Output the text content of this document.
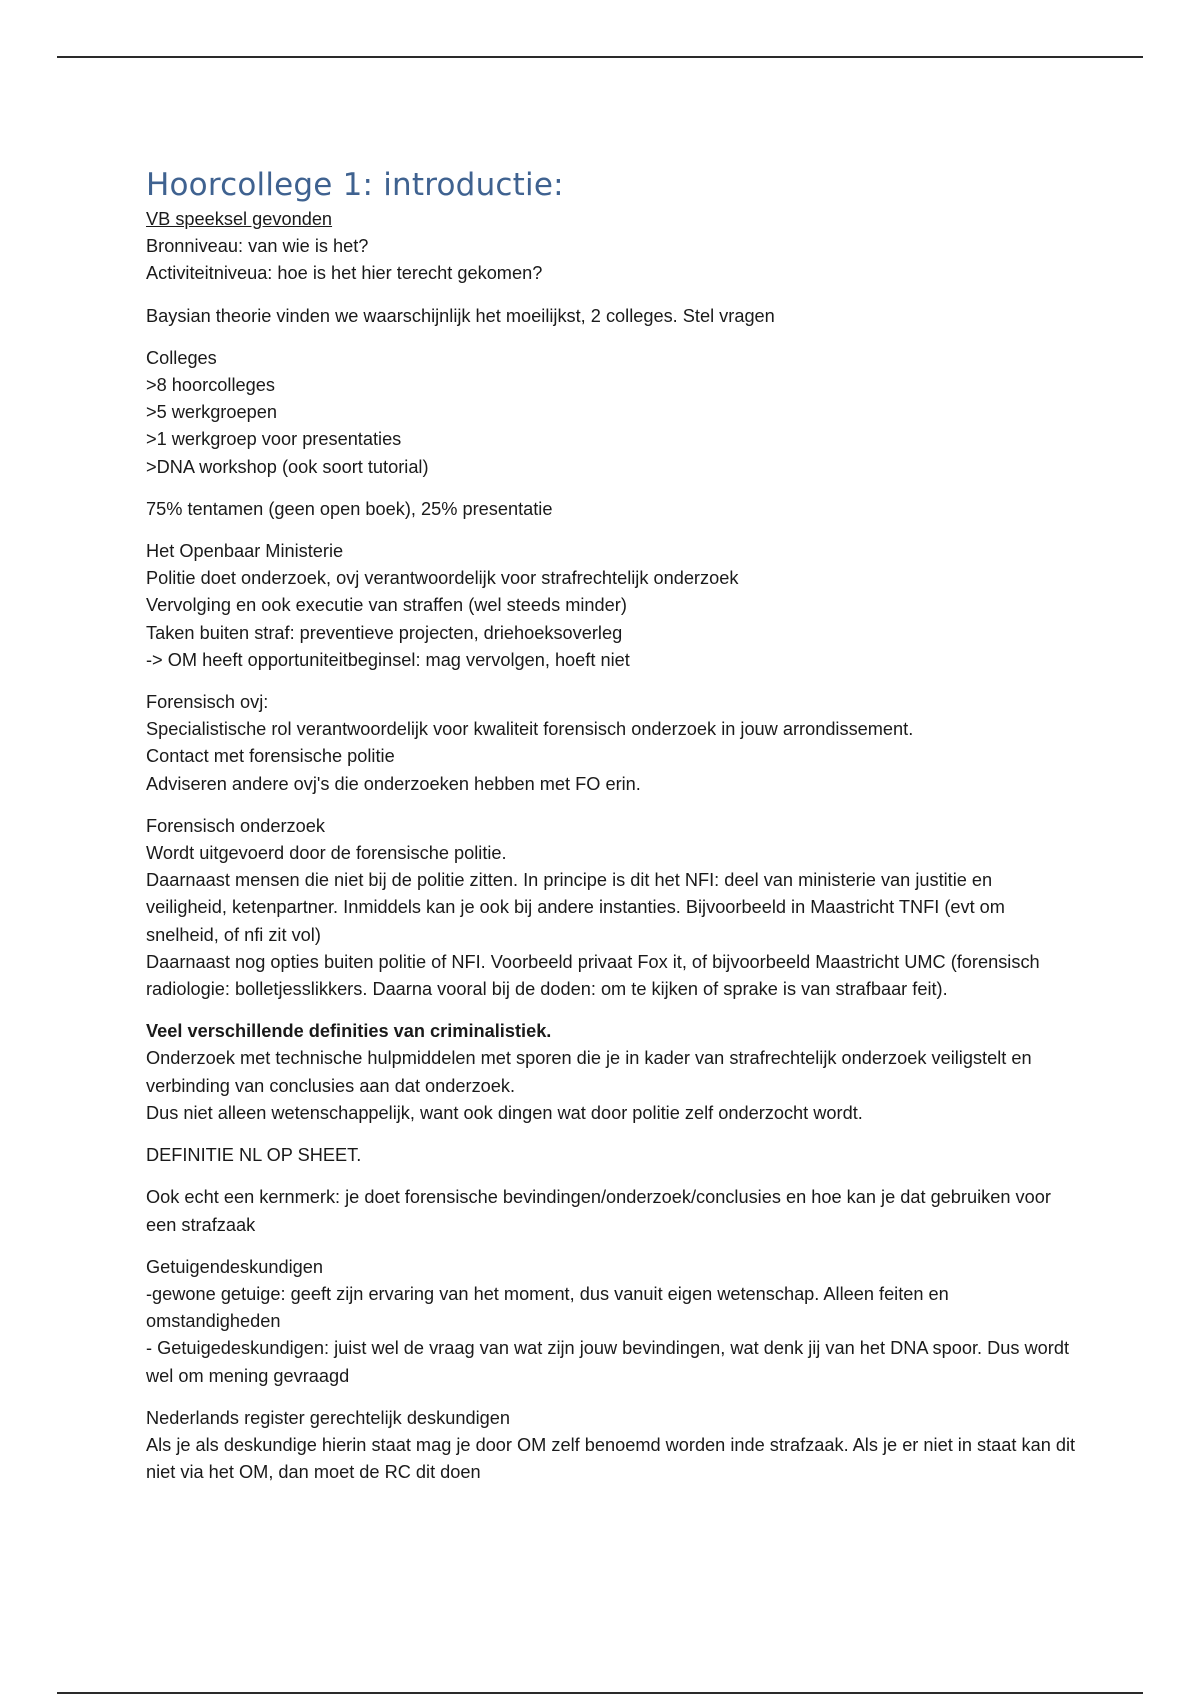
Hoorcollege 1: introductie:
VB speeksel gevonden
Bronniveau: van wie is het?
Activiteitniveua: hoe is het hier terecht gekomen?
Baysian theorie vinden we waarschijnlijk het moeilijkst, 2 colleges. Stel vragen
Colleges
>8 hoorcolleges
>5 werkgroepen
>1 werkgroep voor presentaties
>DNA workshop (ook soort tutorial)
75% tentamen (geen open boek), 25% presentatie
Het Openbaar Ministerie
Politie doet onderzoek, ovj verantwoordelijk voor strafrechtelijk onderzoek
Vervolging en ook executie van straffen (wel steeds minder)
Taken buiten straf: preventieve projecten, driehoeksoverleg
-> OM heeft opportuniteitbeginsel: mag vervolgen, hoeft niet
Forensisch ovj:
Specialistische rol verantwoordelijk voor kwaliteit forensisch onderzoek in jouw arrondissement.
Contact met forensische politie
Adviseren andere ovj's die onderzoeken hebben met FO erin.
Forensisch onderzoek
Wordt uitgevoerd door de forensische politie.
Daarnaast mensen die niet bij de politie zitten. In principe is dit het NFI: deel van ministerie van justitie en veiligheid, ketenpartner. Inmiddels kan je ook bij andere instanties. Bijvoorbeeld in Maastricht TNFI (evt om snelheid, of nfi zit vol)
Daarnaast nog opties buiten politie of NFI. Voorbeeld privaat Fox it, of bijvoorbeeld Maastricht UMC (forensisch radiologie: bolletjesslikkers. Daarna vooral bij de doden: om te kijken of sprake is van strafbaar feit).
Veel verschillende definities van criminalistiek.
Onderzoek met technische hulpmiddelen met sporen die je in kader van strafrechtelijk onderzoek veiligstelt en verbinding van conclusies aan dat onderzoek.
Dus niet alleen wetenschappelijk, want ook dingen wat door politie zelf onderzocht wordt.
DEFINITIE NL OP SHEET.
Ook echt een kernmerk: je doet forensische bevindingen/onderzoek/conclusies en hoe kan je dat gebruiken voor een strafzaak
Getuigendeskundigen
-gewone getuige: geeft zijn ervaring van het moment, dus vanuit eigen wetenschap. Alleen feiten en omstandigheden
- Getuigedeskundigen: juist wel de vraag van wat zijn jouw bevindingen, wat denk jij van het DNA spoor. Dus wordt wel om mening gevraagd
Nederlands register gerechtelijk deskundigen
Als je als deskundige hierin staat mag je door OM zelf benoemd worden inde strafzaak. Als je er niet in staat kan dit niet via het OM, dan moet de RC dit doen
